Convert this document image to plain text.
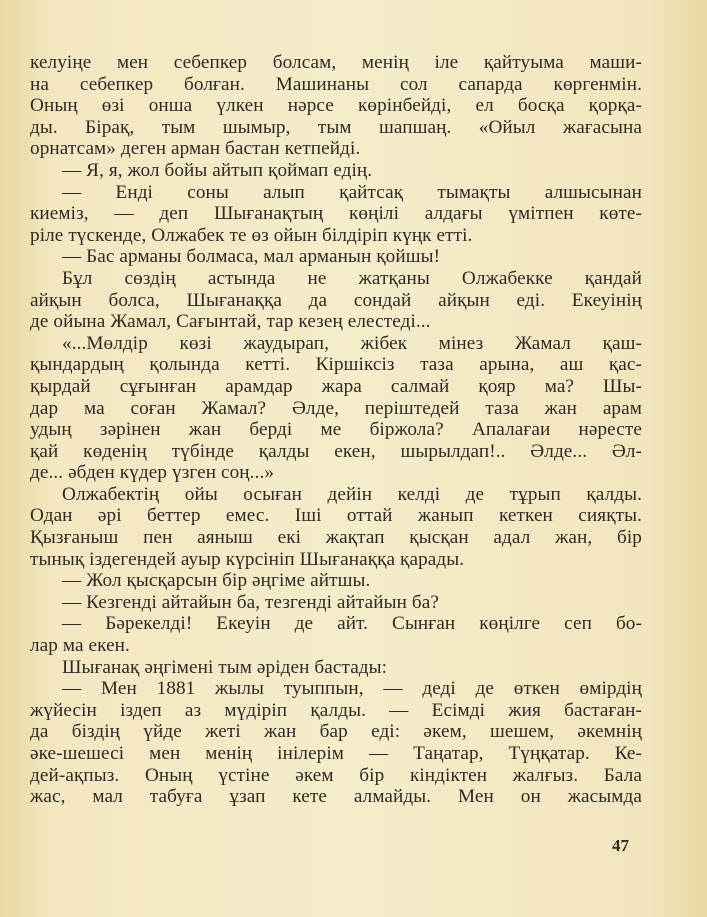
келуіңе мен себепкер болсам, менің іле қайтуыма маши-
на себепкер болған. Машинаны сол сапарда көргенмін.
Оның өзі онша үлкен нәрсе көрінбейді, ел босқа қорқа-
ды. Бірақ, тым шымыр, тым шапшаң. «Ойыл жағасына
орнатсам» деген арман бастан кетпейді.
— Я, я, жол бойы айтып қоймап едің.
— Енді соны алып қайтсақ тымақты алшысынан
киеміз, — деп Шығанақтың көңілі алдағы үмітпен көте-
ріле түскенде, Олжабек те өз ойын білдіріп күңк етті.
— Бас арманы болмаса, мал арманын қойшы!
Бұл сөздің астында не жатқаны Олжабекке қандай
айқын болса, Шығанаққа да сондай айқын еді. Екеуінің
де ойына Жамал, Сағынтай, тар кезең елестеді...
«...Мөлдір көзі жаудырап, жібек мінез Жамал қаш-
қындардың қолында кетті. Кіршіксіз таза арына, аш қас-
қырдай сұғынған арамдар жара салмай қояр ма? Шы-
дар ма соған Жамал? Әлде, періштедей таза жан арам
удың зәрінен жан берді ме біржола? Апалағаи нәресте
қай көденің түбінде қалды екен, шырылдап!.. Әлде... Әл-
де... әбден күдер үзген соң...»
Олжабектің ойы осыған дейін келді де тұрып қалды.
Одан әрі беттер емес. Іші оттай жанып кеткен сияқты.
Қызғаныш пен аяныш екі жақтап қысқан адал жан, бір
тынық іздегендей ауыр күрсініп Шығанаққа қарады.
— Жол қысқарсын бір әңгіме айтшы.
— Кезгенді айтайын ба, тезгенді айтайын ба?
— Бәрекелді! Екеуін де айт. Сынған көңілге сеп бо-
лар ма екен.
Шығанақ әңгімені тым әріден бастады:
— Мен 1881 жылы туыппын, — деді де өткен өмірдің
жүйесін іздеп аз мүдіріп қалды. — Есімді жия бастаған-
да біздің үйде жеті жан бар еді: әкем, шешем, әкемнің
әке-шешесі мен менің інілерім — Таңатар, Түңқатар. Ке-
дей-ақпыз. Оның үстіне әкем бір кіндіктен жалғыз. Бала
жас, мал табуға ұзап кете алмайды. Мен он жасымда
47
